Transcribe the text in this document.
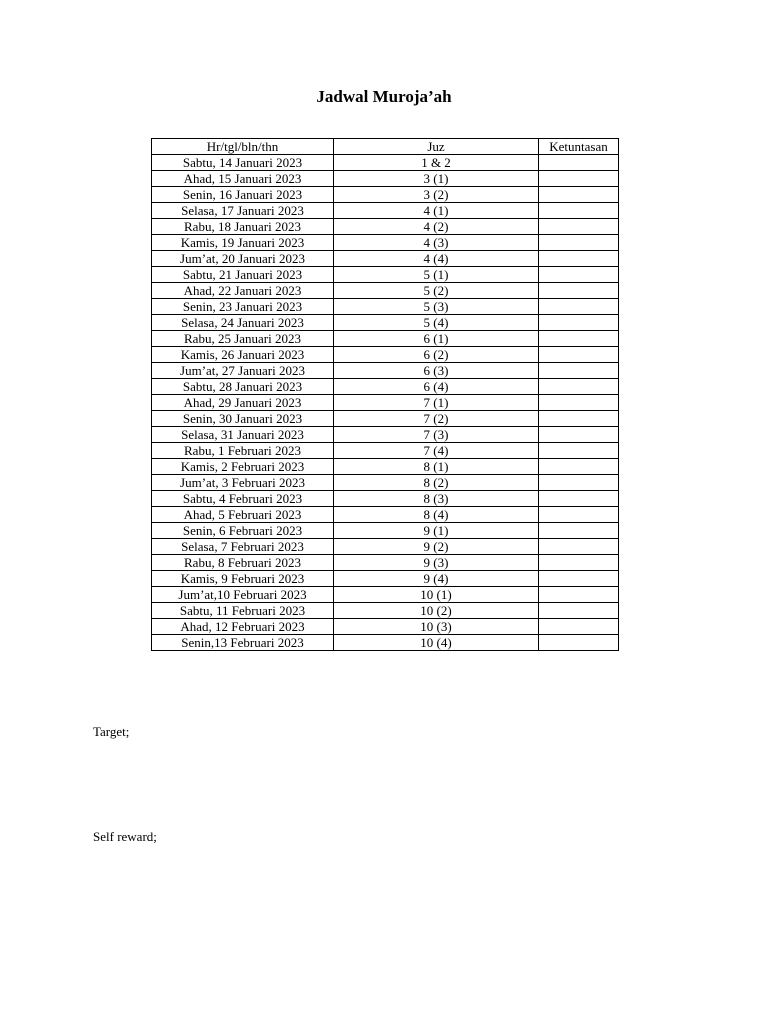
Jadwal Muroja’ah
Hr/tgl/bln/thn	Juz	Ketuntasan
Sabtu, 14 Januari 2023	1 & 2	
Ahad, 15 Januari 2023	3 (1)	
Senin, 16 Januari 2023	3 (2)	
Selasa, 17 Januari 2023	4 (1)	
Rabu, 18 Januari 2023	4 (2)	
Kamis, 19 Januari 2023	4 (3)	
Jum’at, 20 Januari 2023	4 (4)	
Sabtu, 21 Januari 2023	5 (1)	
Ahad, 22 Januari 2023	5 (2)	
Senin, 23 Januari 2023	5 (3)	
Selasa, 24 Januari 2023	5 (4)	
Rabu, 25 Januari 2023	6 (1)	
Kamis, 26 Januari 2023	6 (2)	
Jum’at, 27 Januari 2023	6 (3)	
Sabtu, 28 Januari 2023	6 (4)	
Ahad, 29 Januari 2023	7 (1)	
Senin, 30 Januari 2023	7 (2)	
Selasa, 31 Januari 2023	7 (3)	
Rabu, 1 Februari 2023	7 (4)	
Kamis, 2 Februari 2023	8 (1)	
Jum’at, 3 Februari 2023	8 (2)	
Sabtu, 4 Februari 2023	8 (3)	
Ahad, 5 Februari 2023	8 (4)	
Senin, 6 Februari 2023	9 (1)	
Selasa, 7 Februari 2023	9 (2)	
Rabu, 8 Februari 2023	9 (3)	
Kamis, 9 Februari 2023	9 (4)	
Jum’at,10 Februari 2023	10 (1)	
Sabtu, 11 Februari 2023	10 (2)	
Ahad, 12 Februari 2023	10 (3)	
Senin,13 Februari 2023	10 (4)	
Target;
Self reward;
